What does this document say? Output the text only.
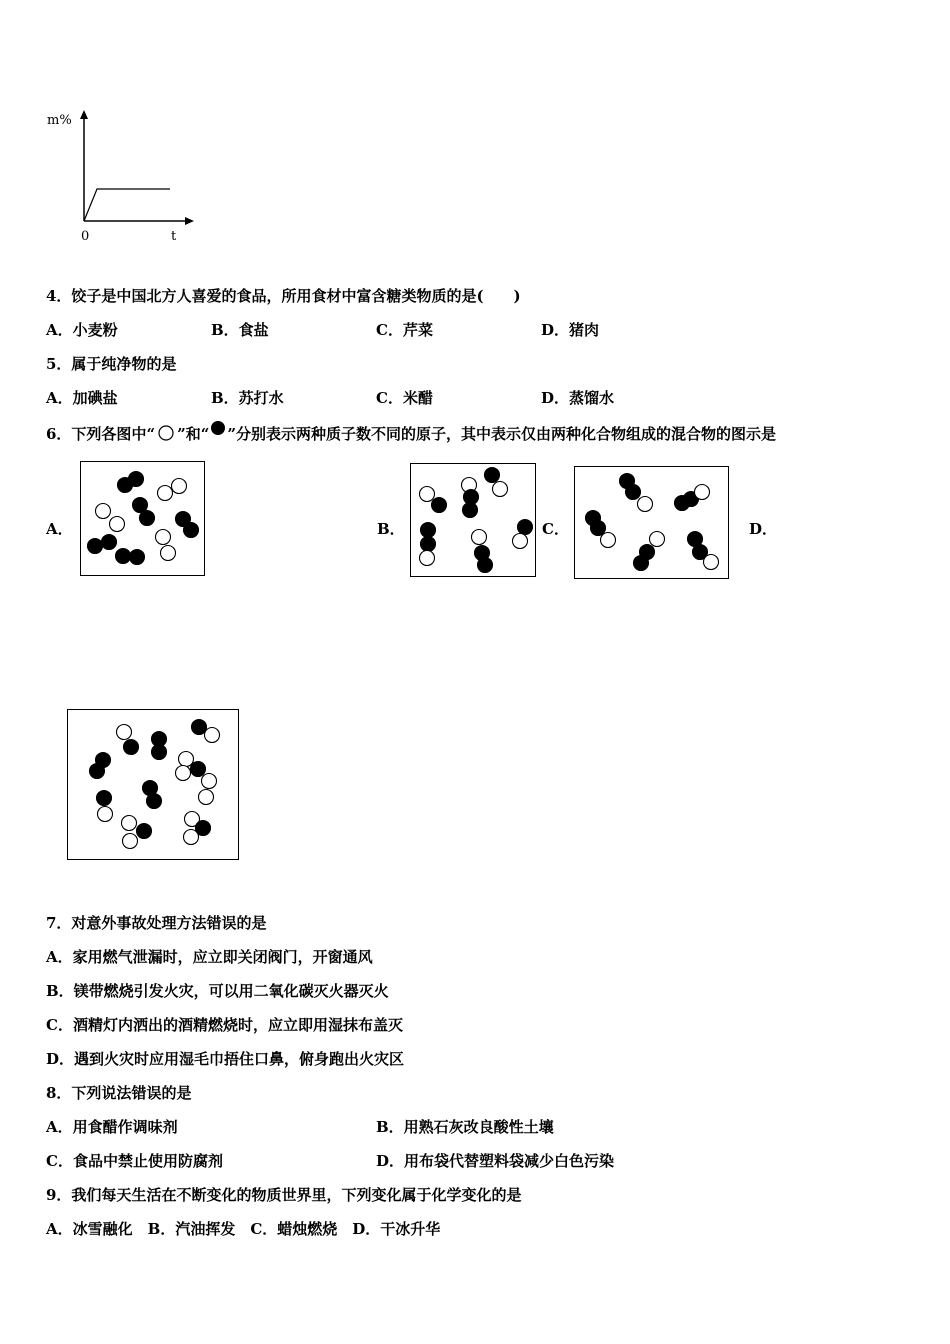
m%
0	t
4．饺子是中国北方人喜爱的食品，所用食材中富含糖类物质的是(　　)
A．小麦粉	B．食盐	C．芹菜	D．猪肉
5．属于纯净物的是
A．加碘盐	B．苏打水	C．米醋	D．蒸馏水
6．下列各图中“ ”和“ ”分别表示两种质子数不同的原子，其中表示仅由两种化合物组成的混合物的图示是
A．	B．	C．	D．
7．对意外事故处理方法错误的是
A．家用燃气泄漏时，应立即关闭阀门，开窗通风
B．镁带燃烧引发火灾，可以用二氧化碳灭火器灭火
C．酒精灯内洒出的酒精燃烧时，应立即用湿抹布盖灭
D．遇到火灾时应用湿毛巾捂住口鼻，俯身跑出火灾区
8．下列说法错误的是
A．用食醋作调味剂	B．用熟石灰改良酸性土壤
C．食品中禁止使用防腐剂	D．用布袋代替塑料袋减少白色污染
9．我们每天生活在不断变化的物质世界里，下列变化属于化学变化的是
A．冰雪融化　B．汽油挥发　C．蜡烛燃烧　D．干冰升华
